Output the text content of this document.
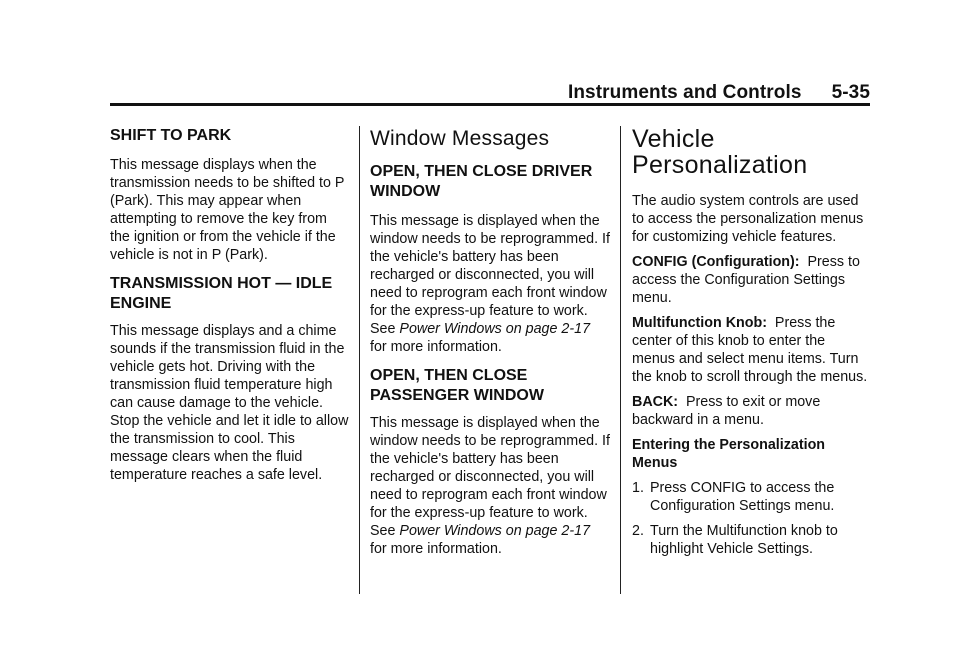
Instruments and Controls 5-35
SHIFT TO PARK

This message displays when the transmission needs to be shifted to P (Park). This may appear when attempting to remove the key from the ignition or from the vehicle if the vehicle is not in P (Park).

TRANSMISSION HOT — IDLE ENGINE

This message displays and a chime sounds if the transmission fluid in the vehicle gets hot. Driving with the transmission fluid temperature high can cause damage to the vehicle. Stop the vehicle and let it idle to allow the transmission to cool. This message clears when the fluid temperature reaches a safe level.

Window Messages
OPEN, THEN CLOSE DRIVER WINDOW

This message is displayed when the window needs to be reprogrammed. If the vehicle's battery has been recharged or disconnected, you will need to reprogram each front window for the express-up feature to work. See Power Windows on page 2-17 for more information.

OPEN, THEN CLOSE PASSENGER WINDOW

This message is displayed when the window needs to be reprogrammed. If the vehicle's battery has been recharged or disconnected, you will need to reprogram each front window for the express-up feature to work. See Power Windows on page 2-17 for more information.

Vehicle
Personalization

The audio system controls are used to access the personalization menus for customizing vehicle features.

CONFIG (Configuration):  Press to access the Configuration Settings menu.

Multifunction Knob:  Press the center of this knob to enter the menus and select menu items. Turn the knob to scroll through the menus.

BACK:  Press to exit or move backward in a menu.

Entering the Personalization Menus
1. Press CONFIG to access the Configuration Settings menu.
2. Turn the Multifunction knob to highlight Vehicle Settings.
